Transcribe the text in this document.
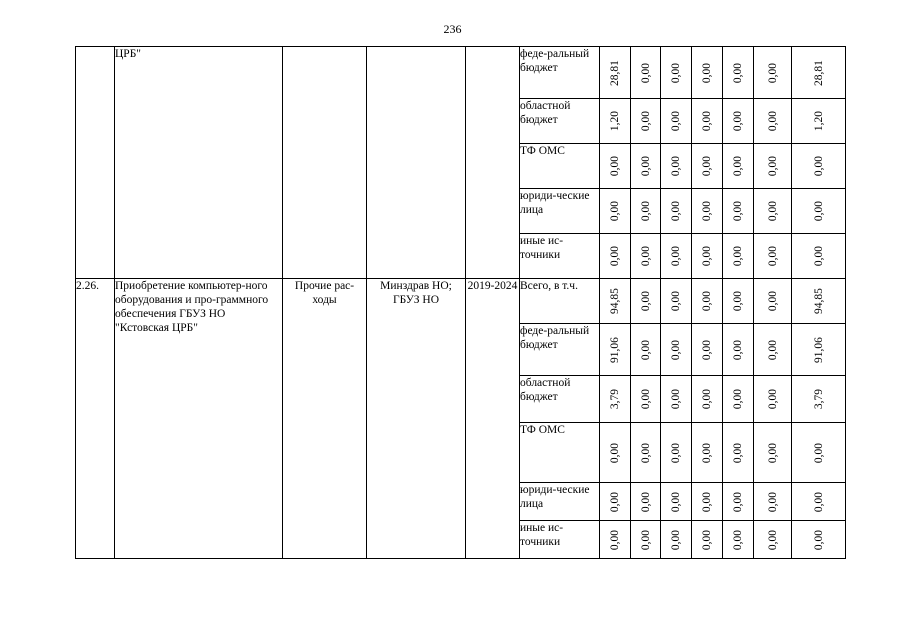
236
	ЦРБ"				феде-ральный бюджет	28,81	0,00	0,00	0,00	0,00	0,00	28,81

					областной бюджет	1,20	0,00	0,00	0,00	0,00	0,00	1,20

					ТФ ОМС	0,00	0,00	0,00	0,00	0,00	0,00	0,00

					юриди-ческие лица	0,00	0,00	0,00	0,00	0,00	0,00	0,00

					иные ис-точники	0,00	0,00	0,00	0,00	0,00	0,00	0,00

2.26.	Приобретение компьютер-ного оборудования и про-граммного обеспечения ГБУЗ НО "Кстовская ЦРБ"	Прочие рас-ходы	Минздрав НО; ГБУЗ НО	2019-2024	Всего, в т.ч.	94,85	0,00	0,00	0,00	0,00	0,00	94,85

					феде-ральный бюджет	91,06	0,00	0,00	0,00	0,00	0,00	91,06

					областной бюджет	3,79	0,00	0,00	0,00	0,00	0,00	3,79

					ТФ ОМС	0,00	0,00	0,00	0,00	0,00	0,00	0,00

					юриди-ческие лица	0,00	0,00	0,00	0,00	0,00	0,00	0,00

					иные ис-точники	0,00	0,00	0,00	0,00	0,00	0,00	0,00
